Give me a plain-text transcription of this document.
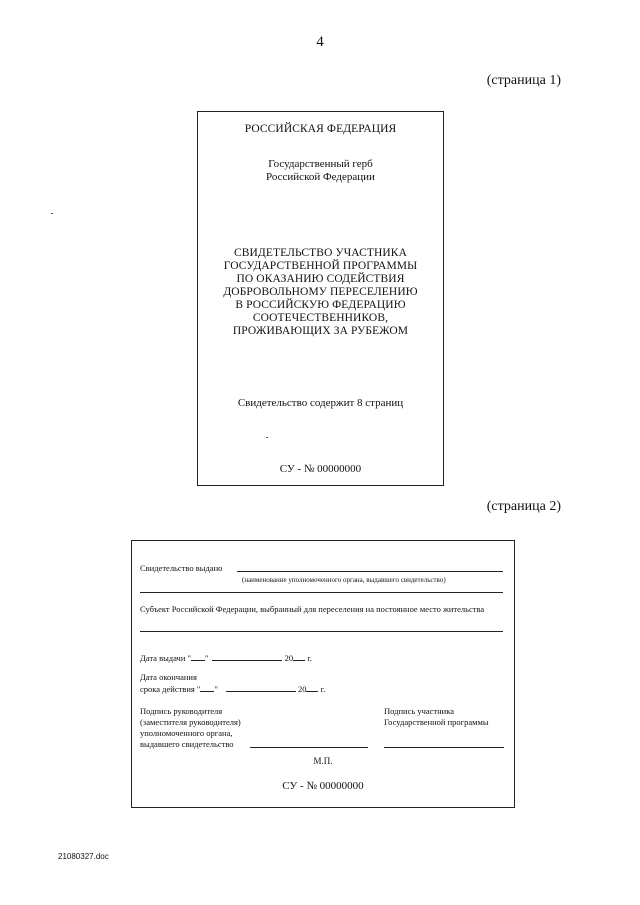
4
(страница 1)
РОССИЙСКАЯ ФЕДЕРАЦИЯ
Государственный герб
Российской Федерации
СВИДЕТЕЛЬСТВО УЧАСТНИКА
ГОСУДАРСТВЕННОЙ ПРОГРАММЫ
ПО ОКАЗАНИЮ СОДЕЙСТВИЯ
ДОБРОВОЛЬНОМУ ПЕРЕСЕЛЕНИЮ
В РОССИЙСКУЮ ФЕДЕРАЦИЮ
СООТЕЧЕСТВЕННИКОВ,
ПРОЖИВАЮЩИХ ЗА РУБЕЖОМ
Свидетельство содержит 8 страниц
СУ - № 00000000
(страница 2)
Свидетельство выдано
(наименование уполномоченного органа, выдавшего свидетельство)
Субъект Российской Федерации, выбранный для переселения на постоянное место жительства
Дата выдачи " "	20 г.
Дата окончания
срока действия " "	20 г.
Подпись руководителя
(заместителя руководителя)
уполномоченного органа,
выдавшего свидетельство
Подпись участника
Государственной программы
М.П.
СУ - № 00000000
21080327.doc
